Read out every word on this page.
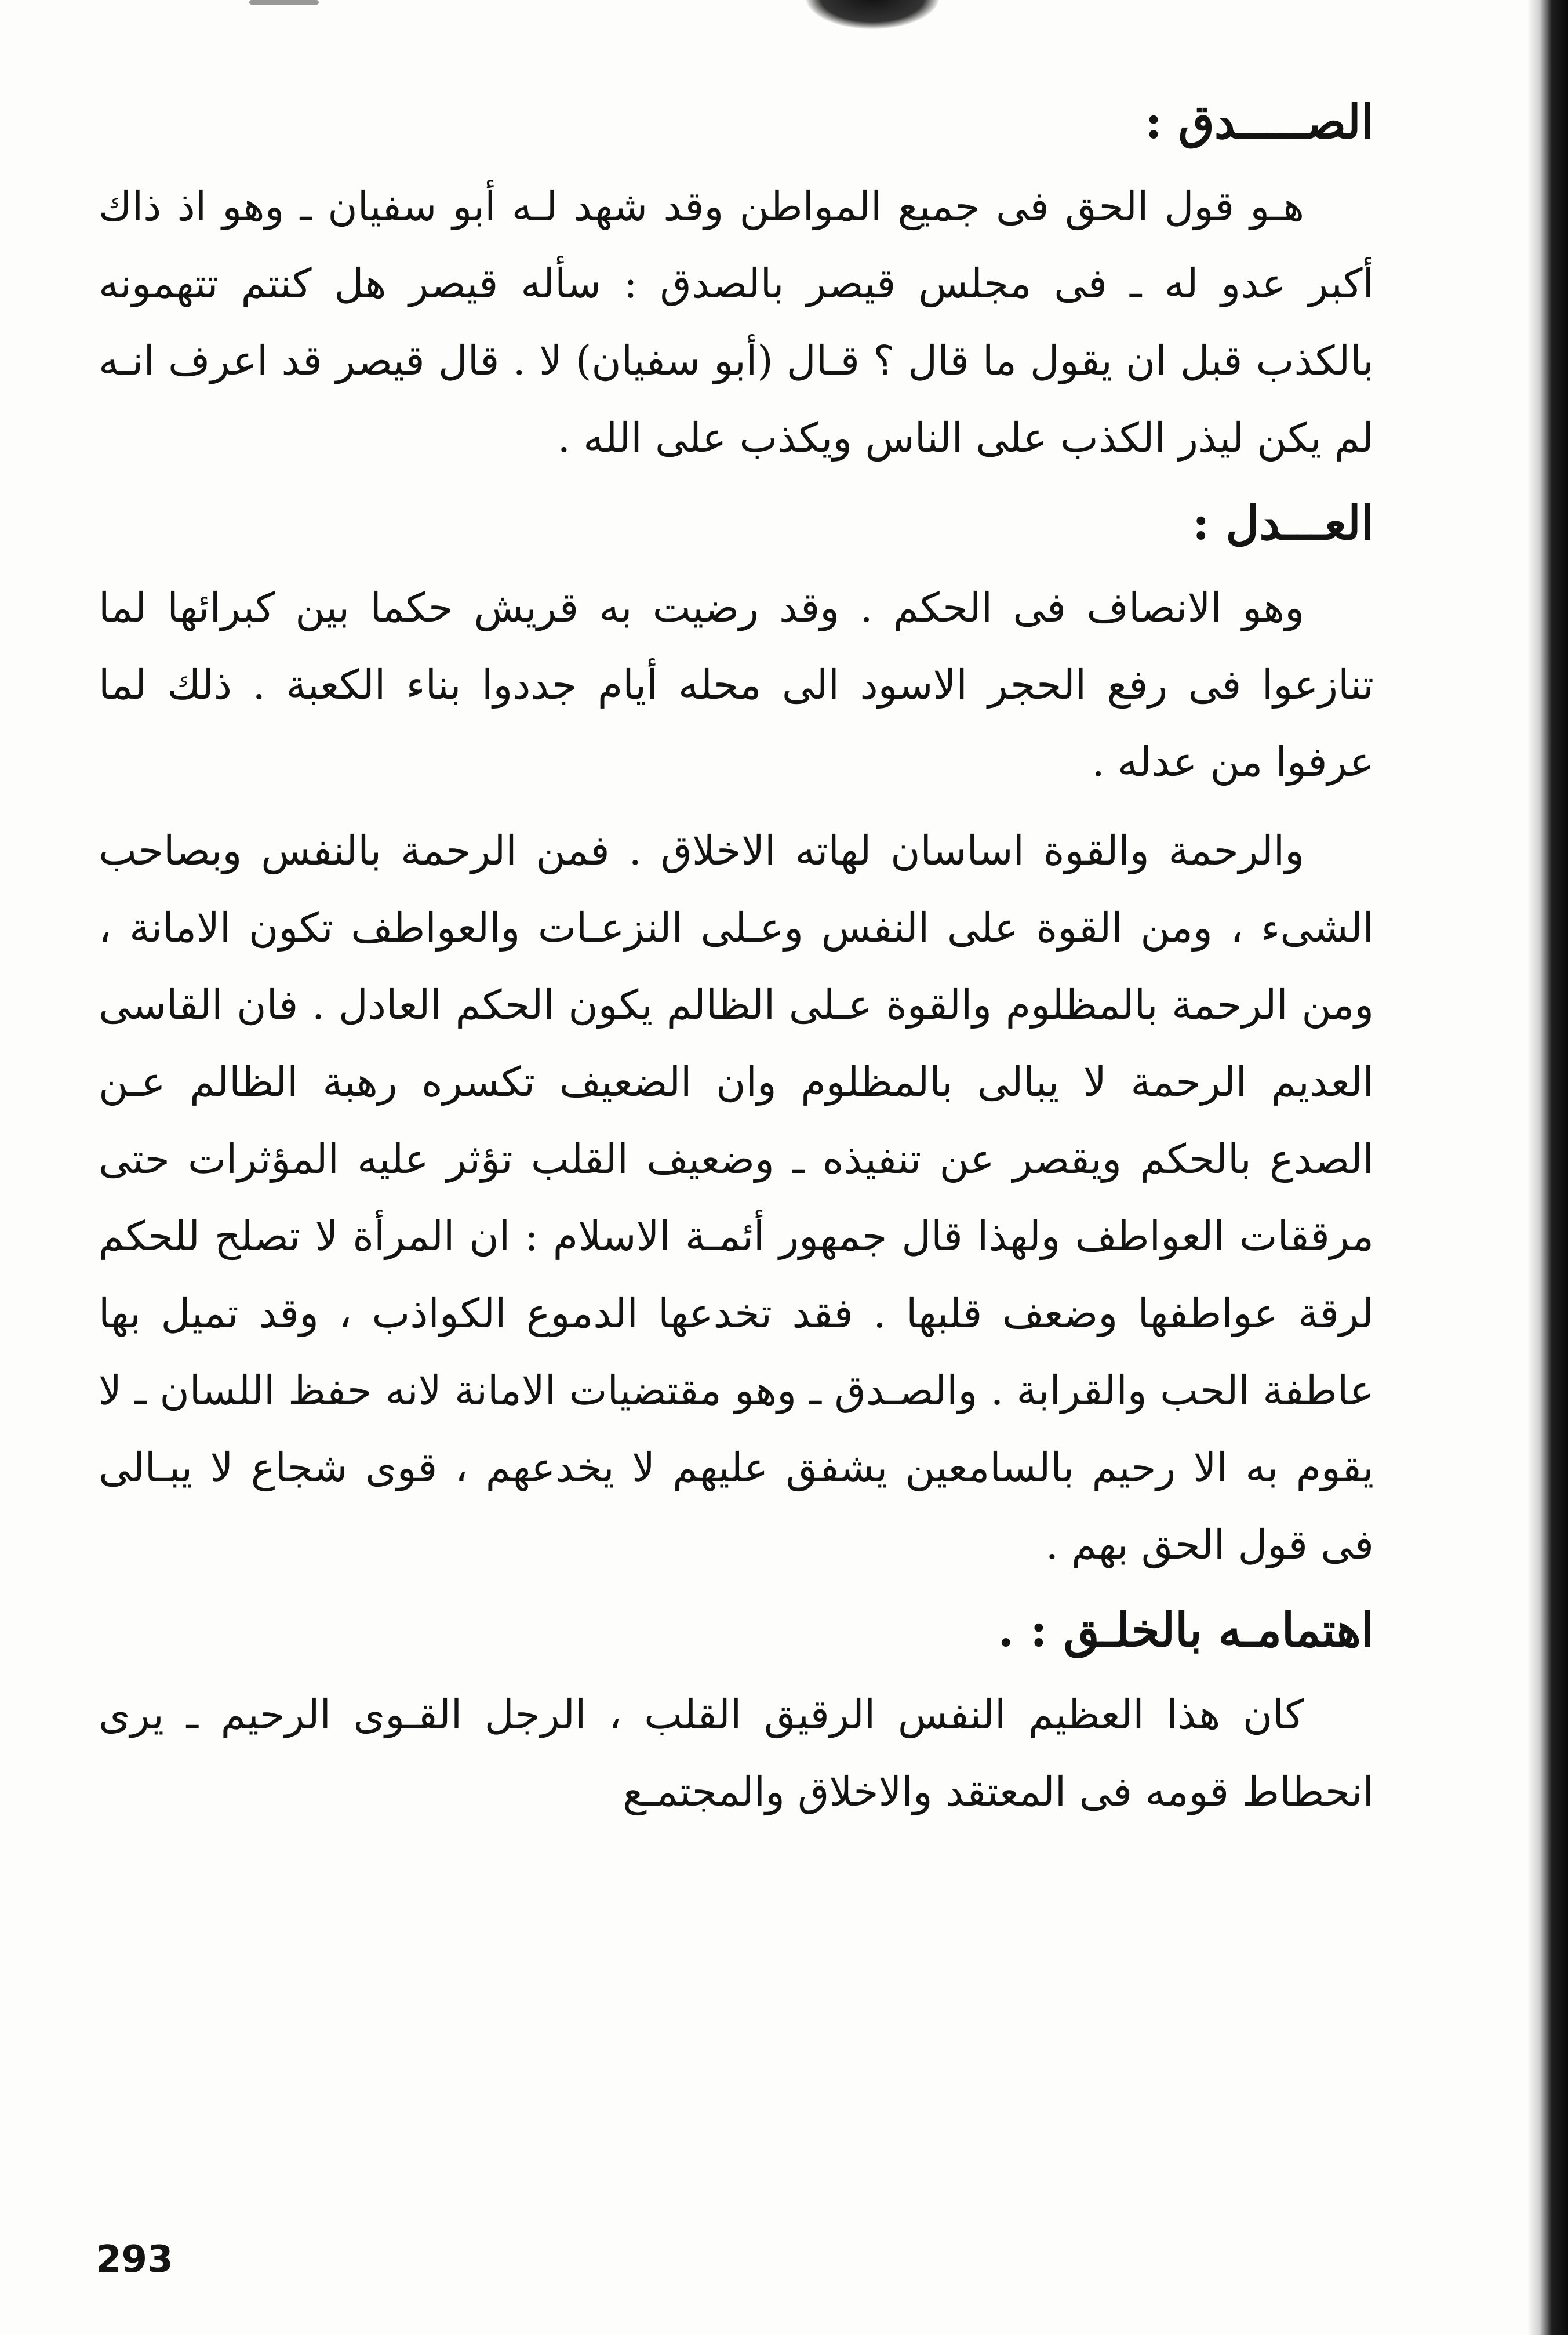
الصـــــدق :

هـو قول الحق فى جميع المواطن وقد شهد لـه أبو سفيان ـ وهو اذ ذاك أكبر عدو له ـ فى مجلس قيصر بالصدق : سأله قيصر هل كنتم تتهمونه بالكذب قبل ان يقول ما قال ؟ قـال (أبو سفيان) لا . قال قيصر قد اعرف انـه لم يكن ليذر الكذب على الناس ويكذب على الله .

العـــدل :

وهو الانصاف فى الحكم . وقد رضيت به قريش حكما بين كبرائها لما تنازعوا فى رفع الحجر الاسود الى محله أيام جددوا بناء الكعبة . ذلك لما عرفوا من عدله .

والرحمة والقوة اساسان لهاته الاخلاق . فمن الرحمة بالنفس وبصاحب الشىء ، ومن القوة على النفس وعـلى النزعـات والعواطف تكون الامانة ، ومن الرحمة بالمظلوم والقوة عـلى الظالم يكون الحكم العادل . فان القاسى العديم الرحمة لا يبالى بالمظلوم وان الضعيف تكسره رهبة الظالم عـن الصدع بالحكم ويقصر عن تنفيذه ـ وضعيف القلب تؤثر عليه المؤثرات حتى مرققات العواطف ولهذا قال جمهور أئمـة الاسلام : ان المرأة لا تصلح للحكم لرقة عواطفها وضعف قلبها . فقد تخدعها الدموع الكواذب ، وقد تميل بها عاطفة الحب والقرابة . والصـدق ـ وهو مقتضيات الامانة لانه حفظ اللسان ـ لا يقوم به الا رحيم بالسامعين يشفق عليهم لا يخدعهم ، قوى شجاع لا يبـالى فى قول الحق بهم .

اهتمامـه بالخلـق : .

كان هذا العظيم النفس الرقيق القلب ، الرجل القـوى الرحيم ـ يرى انحطاط قومه فى المعتقد والاخلاق والمجتمـع

293
